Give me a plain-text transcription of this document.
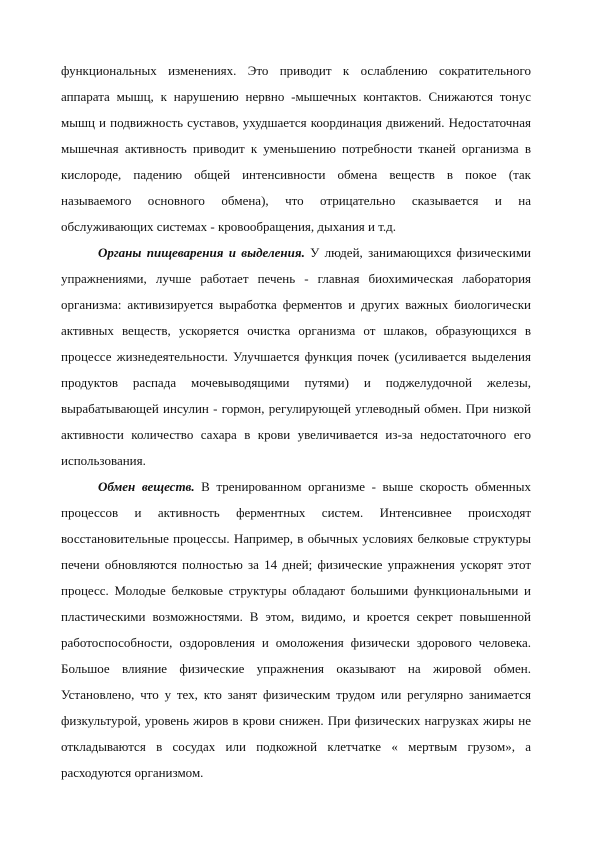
функциональных изменениях. Это приводит к ослаблению сократительного аппарата мышц, к нарушению нервно -мышечных контактов. Снижаются тонус мышц и подвижность суставов, ухудшается координация движений. Недостаточная мышечная активность приводит к уменьшению потребности тканей организма в кислороде, падению общей интенсивности обмена веществ в покое (так называемого основного обмена), что отрицательно сказывается и на обслуживающих системах - кровообращения, дыхания и т.д.

Органы пищеварения и выделения. У людей, занимающихся физическими упражнениями, лучше работает печень - главная биохимическая лаборатория организма: активизируется выработка ферментов и других важных биологически активных веществ, ускоряется очистка организма от шлаков, образующихся в процессе жизнедеятельности. Улучшается функция почек (усиливается выделения продуктов распада мочевыводящими путями) и поджелудочной железы, вырабатывающей инсулин - гормон, регулирующей углеводный обмен. При низкой активности количество сахара в крови увеличивается из-за недостаточного его использования.

Обмен веществ. В тренированном организме - выше скорость обменных процессов и активность ферментных систем. Интенсивнее происходят восстановительные процессы. Например, в обычных условиях белковые структуры печени обновляются полностью за 14 дней; физические упражнения ускорят этот процесс. Молодые белковые структуры обладают большими функциональными и пластическими возможностями. В этом, видимо, и кроется секрет повышенной работоспособности, оздоровления и омоложения физически здорового человека. Большое влияние физические упражнения оказывают на жировой обмен. Установлено, что у тех, кто занят физическим трудом или регулярно занимается физкультурой, уровень жиров в крови снижен. При физических нагрузках жиры не откладываются в сосудах или подкожной клетчатке « мертвым грузом», а расходуются организмом.
